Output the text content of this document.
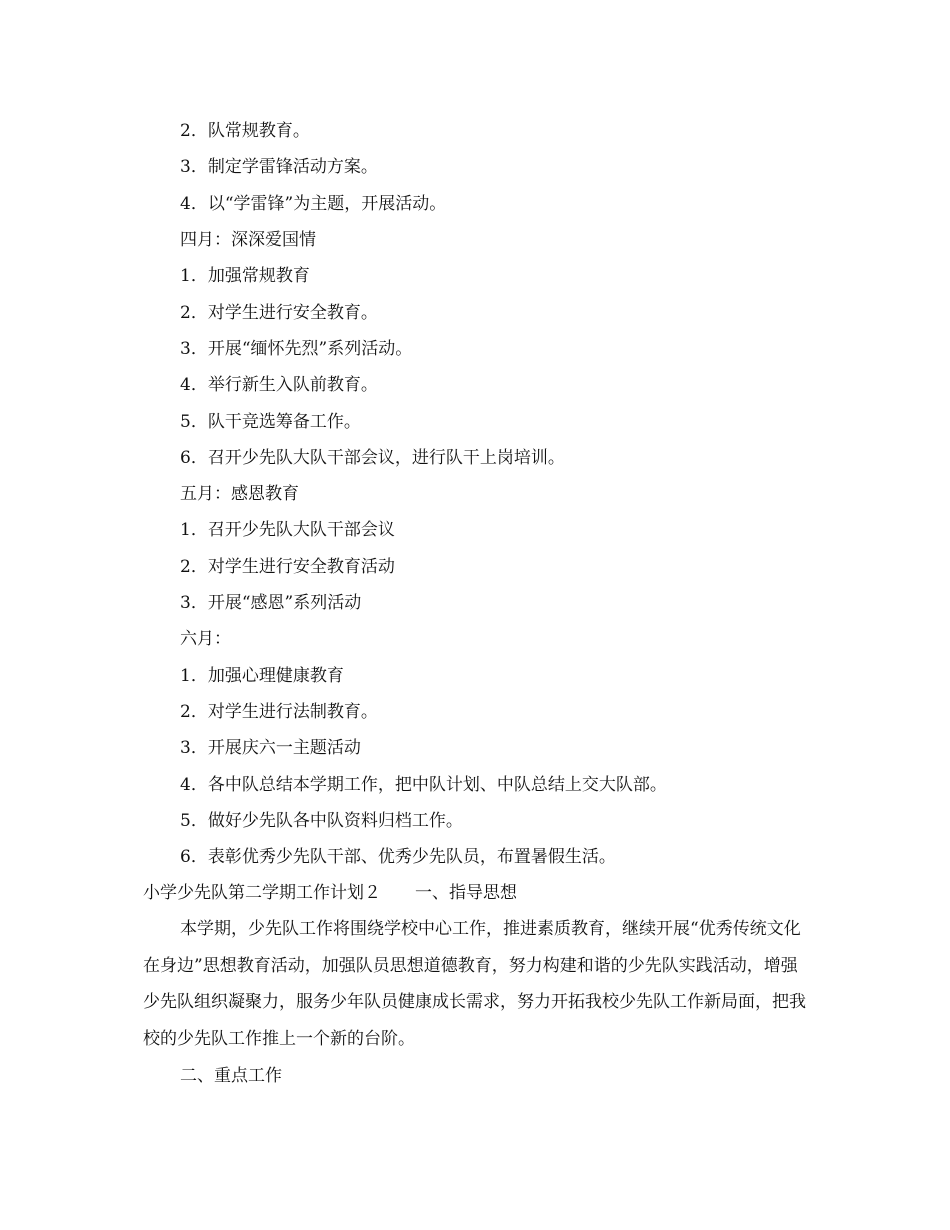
2．队常规教育。
3．制定学雷锋活动方案。
4．以“学雷锋”为主题，开展活动。
四月：深深爱国情
1．加强常规教育
2．对学生进行安全教育。
3．开展“缅怀先烈”系列活动。
4．举行新生入队前教育。
5．队干竞选筹备工作。
6．召开少先队大队干部会议，进行队干上岗培训。
五月：感恩教育
1．召开少先队大队干部会议
2．对学生进行安全教育活动
3．开展“感恩”系列活动
六月：
1．加强心理健康教育
2．对学生进行法制教育。
3．开展庆六一主题活动
4．各中队总结本学期工作，把中队计划、中队总结上交大队部。
5．做好少先队各中队资料归档工作。
6．表彰优秀少先队干部、优秀少先队员，布置暑假生活。
小学少先队第二学期工作计划２　　一、指导思想
本学期，少先队工作将围绕学校中心工作，推进素质教育，继续开展“优秀传统文化在身边”思想教育活动，加强队员思想道德教育，努力构建和谐的少先队实践活动，增强少先队组织凝聚力，服务少年队员健康成长需求，努力开拓我校少先队工作新局面，把我校的少先队工作推上一个新的台阶。
二、重点工作
